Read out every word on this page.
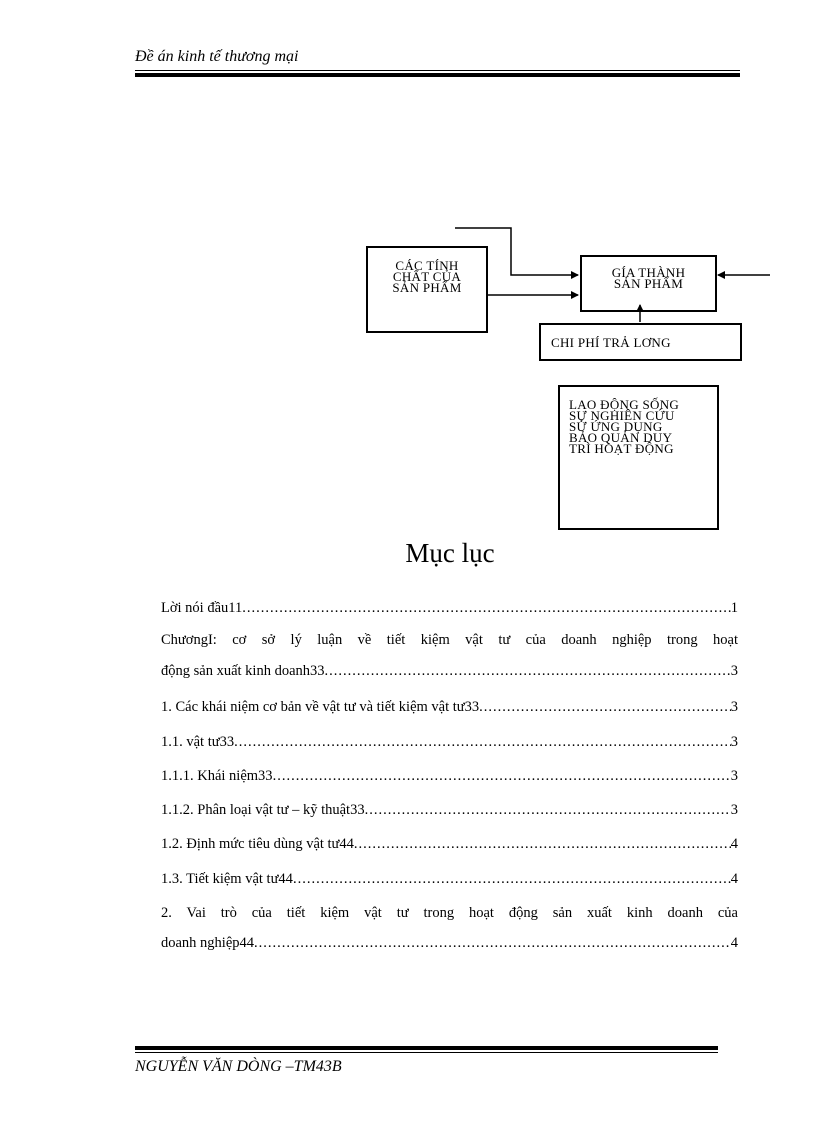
Đề án kinh tế thương mại
CÁC TÍNH
CHẤT CỦA
SẢN PHẨM
GÍA THÀNH
SẢN PHẨM
CHI PHÍ TRẢ LƠNG
LAO ĐỘNG SỐNG
SỰ NGHIÊN CỨU
SỬ ỨNG DỤNG
BẢO QUẢN DUY
TRÌ HOẠT ĐỘNG
Mục lục
Lời nói đầu11 .....	1
ChươngI: cơ sở lý luận về tiết kiệm vật tư của doanh nghiệp trong hoạt
động sản xuất kinh doanh33 .....	3
1. Các khái niệm cơ bản về vật tư và tiết kiệm vật tư33 .....	3
1.1. vật tư33 .....	3
1.1.1. Khái niệm33 .....	3
1.1.2. Phân loại vật tư – kỹ thuật33 .....	3
1.2. Định mức tiêu dùng vật tư44 .....	4
1.3. Tiết kiệm vật tư44 .....	4
2. Vai trò của tiết kiệm vật tư trong hoạt động sản xuất kinh doanh của
doanh nghiệp44 .....	4
NGUYỄN VĂN DÒNG –TM43B
